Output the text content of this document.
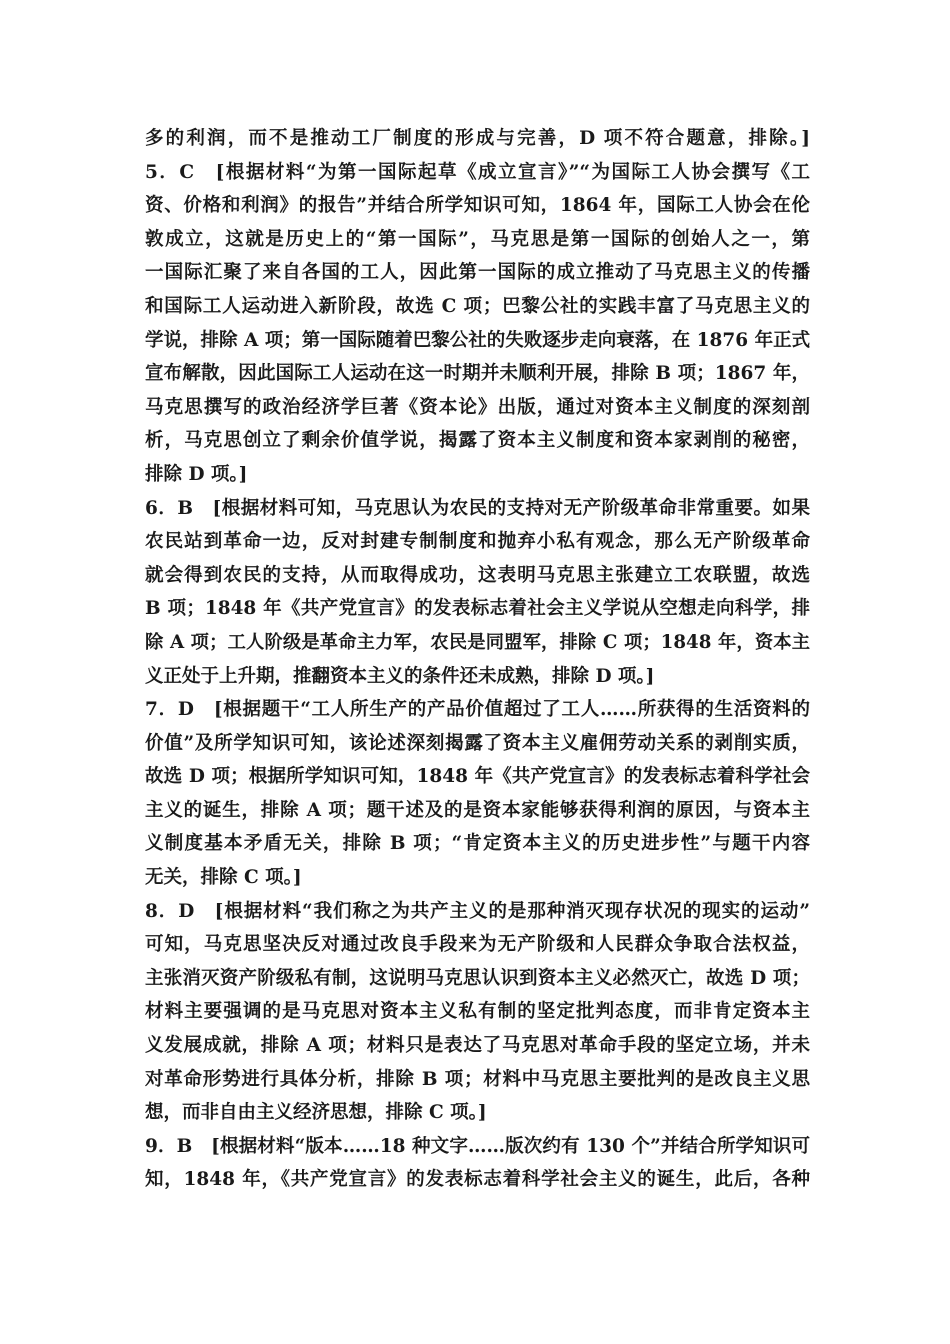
多的利润，而不是推动工厂制度的形成与完善，D 项不符合题意，排除。]
5．C　[根据材料“为第一国际起草《成立宣言》”“为国际工人协会撰写《工
资、价格和利润》的报告”并结合所学知识可知，1864 年，国际工人协会在伦
敦成立，这就是历史上的“第一国际”，马克思是第一国际的创始人之一，第
一国际汇聚了来自各国的工人，因此第一国际的成立推动了马克思主义的传播
和国际工人运动进入新阶段，故选 C 项；巴黎公社的实践丰富了马克思主义的
学说，排除 A 项；第一国际随着巴黎公社的失败逐步走向衰落，在 1876 年正式
宣布解散，因此国际工人运动在这一时期并未顺利开展，排除 B 项；1867 年，
马克思撰写的政治经济学巨著《资本论》出版，通过对资本主义制度的深刻剖
析，马克思创立了剩余价值学说，揭露了资本主义制度和资本家剥削的秘密，
排除 D 项。]
6．B　[根据材料可知，马克思认为农民的支持对无产阶级革命非常重要。如果
农民站到革命一边，反对封建专制制度和抛弃小私有观念，那么无产阶级革命
就会得到农民的支持，从而取得成功，这表明马克思主张建立工农联盟，故选
B 项；1848 年《共产党宣言》的发表标志着社会主义学说从空想走向科学，排
除 A 项；工人阶级是革命主力军，农民是同盟军，排除 C 项；1848 年，资本主
义正处于上升期，推翻资本主义的条件还未成熟，排除 D 项。]
7．D　[根据题干“工人所生产的产品价值超过了工人……所获得的生活资料的
价值”及所学知识可知，该论述深刻揭露了资本主义雇佣劳动关系的剥削实质，
故选 D 项；根据所学知识可知，1848 年《共产党宣言》的发表标志着科学社会
主义的诞生，排除 A 项；题干述及的是资本家能够获得利润的原因，与资本主
义制度基本矛盾无关，排除 B 项；“肯定资本主义的历史进步性”与题干内容
无关，排除 C 项。]
8．D　[根据材料“我们称之为共产主义的是那种消灭现存状况的现实的运动”
可知，马克思坚决反对通过改良手段来为无产阶级和人民群众争取合法权益，
主张消灭资产阶级私有制，这说明马克思认识到资本主义必然灭亡，故选 D 项；
材料主要强调的是马克思对资本主义私有制的坚定批判态度，而非肯定资本主
义发展成就，排除 A 项；材料只是表达了马克思对革命手段的坚定立场，并未
对革命形势进行具体分析，排除 B 项；材料中马克思主要批判的是改良主义思
想，而非自由主义经济思想，排除 C 项。]
9．B　[根据材料“版本……18 种文字……版次约有 130 个”并结合所学知识可
知，1848 年，《共产党宣言》的发表标志着科学社会主义的诞生，此后，各种
